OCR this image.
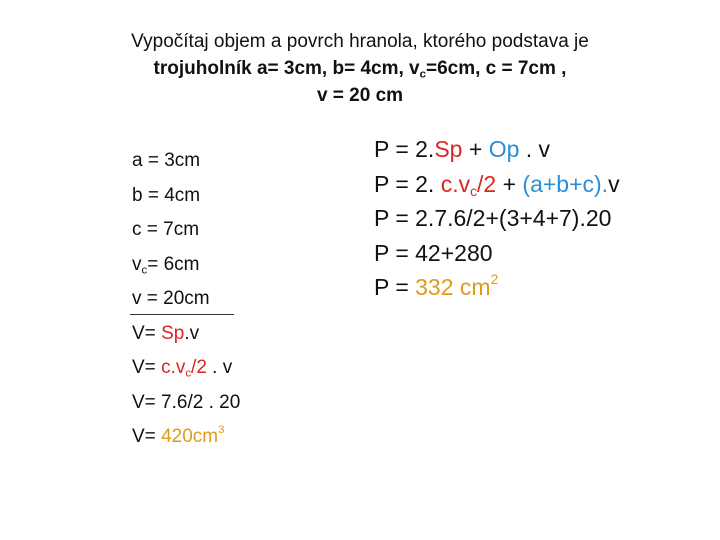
Vypočítaj objem a povrch hranola, ktorého podstava je
trojuholník a= 3cm, b= 4cm, $v_c=6cm$, c = 7cm ,
v = 20 cm
a = 3cm
b = 4cm
c = 7cm
$v_c= 6cm$
v = 20cm
V= Sp.v
$V= c.v_c/2$ . v
V= 7.6/2 . 20
$V= 420cm^3$
P = 2.Sp + Op . v
P = 2. $c.v_c/2 + (a+b+c).v$
P = 2.7.6/2+(3+4+7).20
P = 42+280
P = 332 $cm^2$
